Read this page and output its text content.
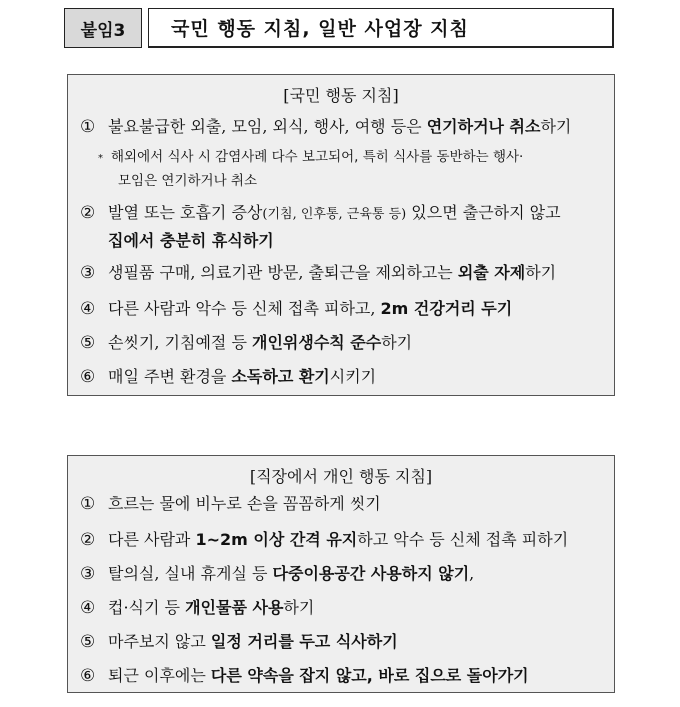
붙임3	국민 행동 지침, 일반 사업장 지침
[국민 행동 지침]
① 불요불급한 외출, 모임, 외식, 행사, 여행 등은 연기하거나 취소하기
* 해외에서 식사 시 감염사례 다수 보고되어, 특히 식사를 동반하는 행사·
모임은 연기하거나 취소
② 발열 또는 호흡기 증상(기침, 인후통, 근육통 등) 있으면 출근하지 않고
집에서 충분히 휴식하기
③ 생필품 구매, 의료기관 방문, 출퇴근을 제외하고는 외출 자제하기
④ 다른 사람과 악수 등 신체 접촉 피하고, 2m 건강거리 두기
⑤ 손씻기, 기침예절 등 개인위생수칙 준수하기
⑥ 매일 주변 환경을 소독하고 환기시키기
[직장에서 개인 행동 지침]
① 흐르는 물에 비누로 손을 꼼꼼하게 씻기
② 다른 사람과 1~2m 이상 간격 유지하고 악수 등 신체 접촉 피하기
③ 탈의실, 실내 휴게실 등 다중이용공간 사용하지 않기,
④ 컵·식기 등 개인물품 사용하기
⑤ 마주보지 않고 일정 거리를 두고 식사하기
⑥ 퇴근 이후에는 다른 약속을 잡지 않고, 바로 집으로 돌아가기
